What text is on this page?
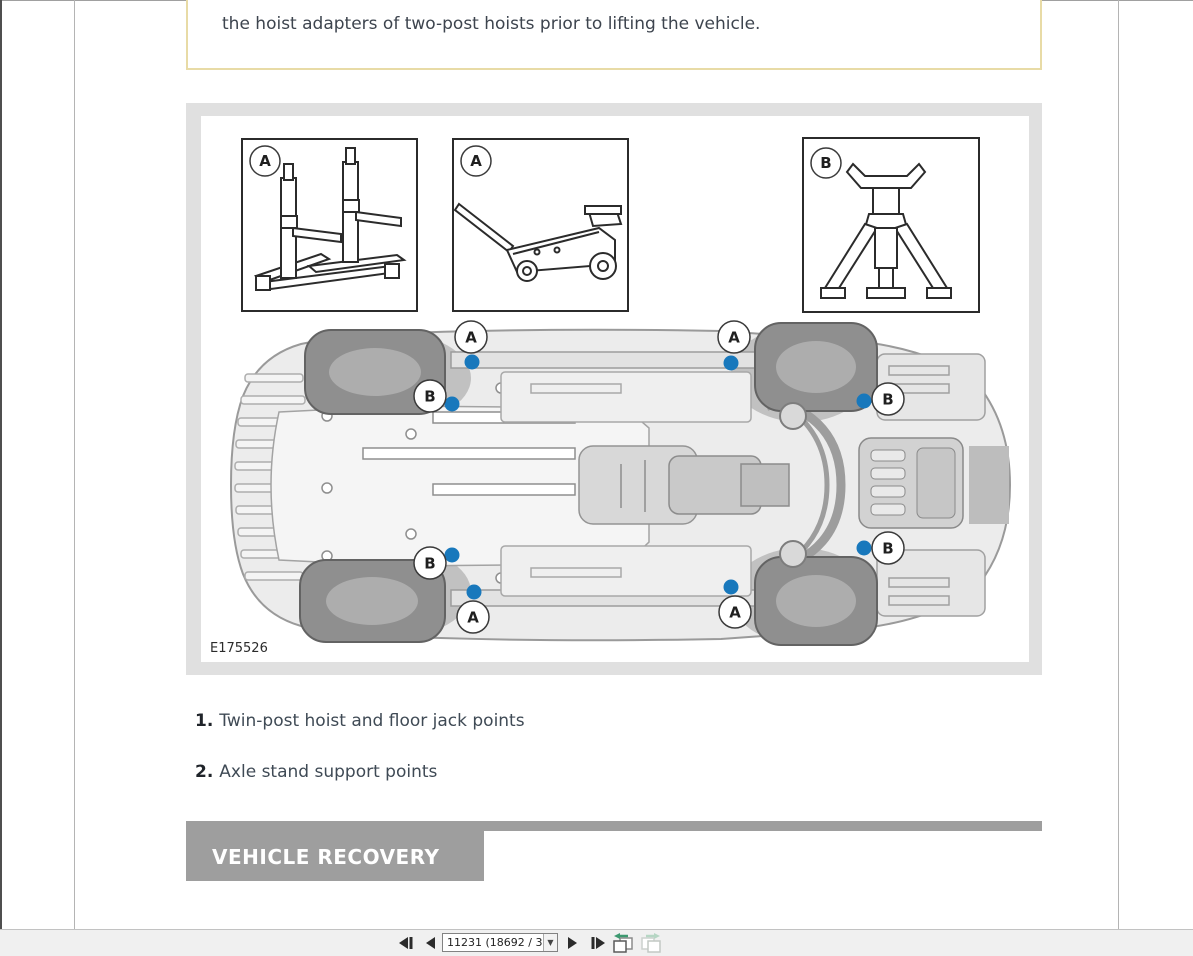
the hoist adapters of two-post hoists prior to lifting the vehicle.
A	A	B
A	A
B	B
B
B
A	A
E175526
1. Twin-post hoist and floor jack points
2. Axle stand support points
VEHICLE RECOVERY
11231 (18692 / 3
▼
